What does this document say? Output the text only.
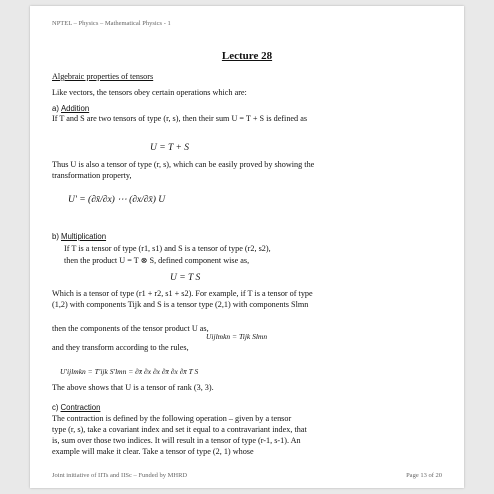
NPTEL – Physics – Mathematical Physics - 1
Lecture 28
Algebraic properties of tensors
Like vectors, the tensors obey certain operations which are:
a) Addition
If T and S are two tensors of type (r, s), then their sum U = T + S is defined as
U = T + S
Thus U is also a tensor of type (r, s), which can be easily proved by showing the
transformation property,
U' = (∂x̄/∂x) ⋯ (∂x/∂x̄) U
b) Multiplication
If T is a tensor of type (r1, s1) and S is a tensor of type (r2, s2),
then the product U = T ⊗ S, defined component wise as,
U = T S
Which is a tensor of type (r1 + r2, s1 + s2). For example, if T is a tensor of type
(1,2) with components Tijk and S is a tensor type (2,1) with components Slmn
then the components of the tensor product U as,
Uijlmkn = Tijk Slmn
and they transform according to the rules,
U'ijlmkn = T'ijk S'lmn = ∂x̄ ∂x ∂x ∂x̄ ∂x ∂x̄ T S
The above shows that U is a tensor of rank (3, 3).
c) Contraction
The contraction is defined by the following operation – given by a tensor
type (r, s), take a covariant index and set it equal to a contravariant index, that
is, sum over those two indices. It will result in a tensor of type (r-1, s-1). An
example will make it clear. Take a tensor of type (2, 1) whose
Joint initiative of IITs and IISc – Funded by MHRD	Page 13 of 20
